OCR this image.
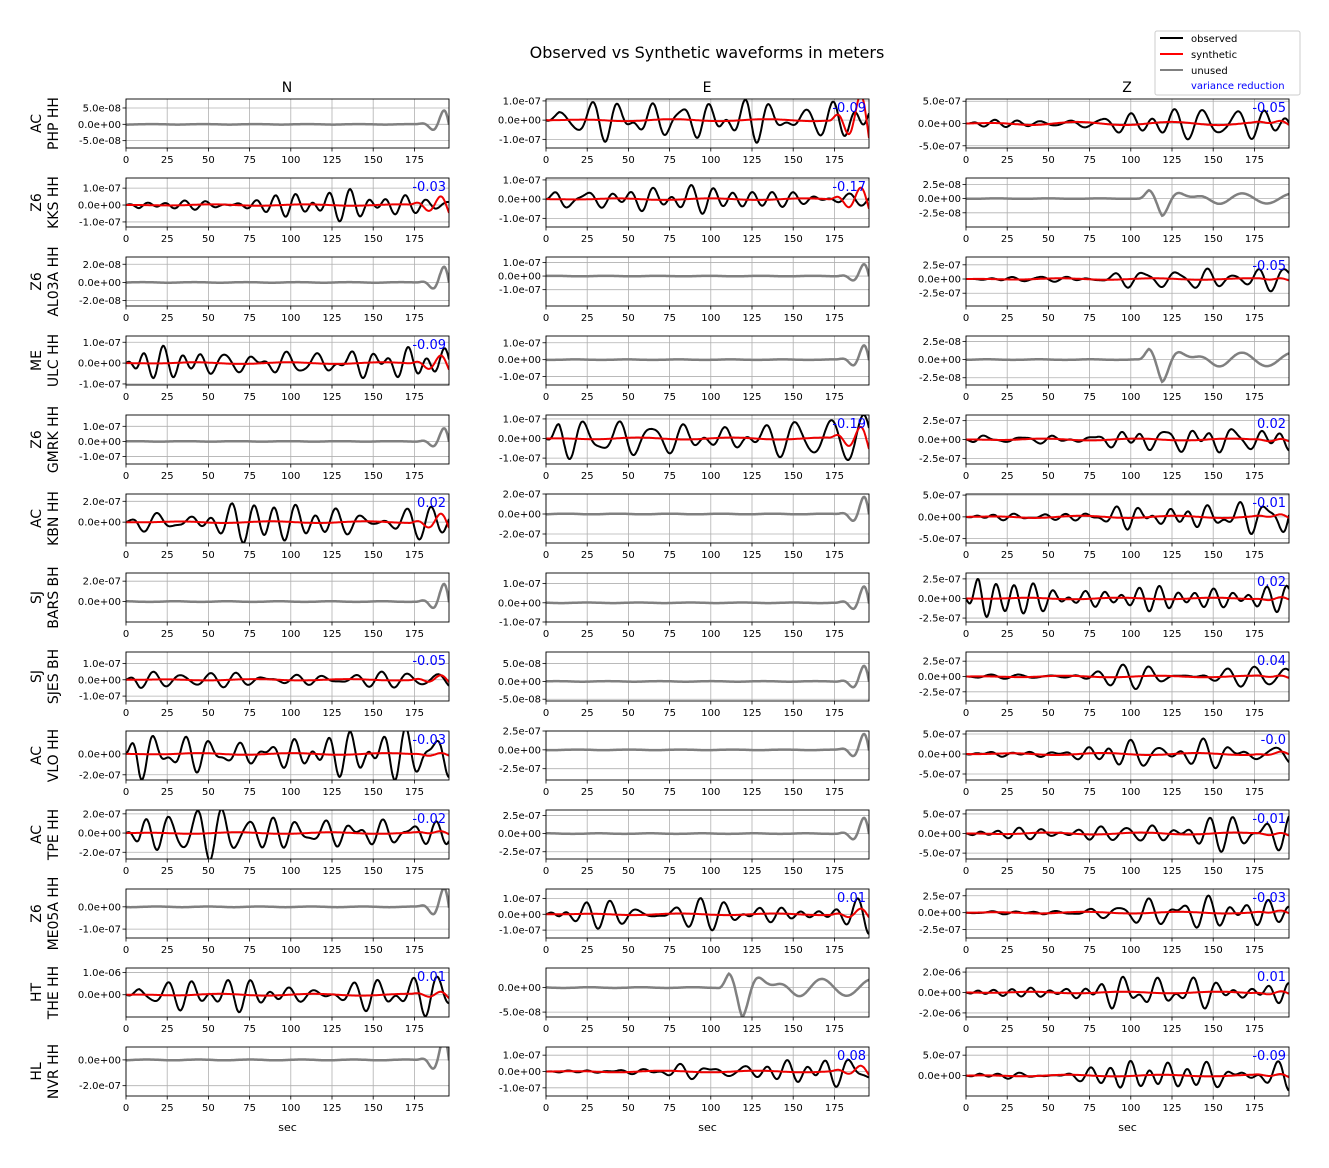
Observed vs Synthetic waveforms in meters
N	E	Z
observed
synthetic
unused
variance reduction
AC PHP HH
0	25	50	75	100 125 150 175
5.0e-08
0.0e+00
-5.0e-08
0	25	50	75	100 125 150 175
1.0e-07
0.0e+00
-1.0e-07
-0.09
0	25	50	75	100 125 150 175
5.0e-07
0.0e+00
-5.0e-07
-0.05
Z6 KKS HH
0	25	50	75	100 125 150 175
1.0e-07
0.0e+00
-1.0e-07
-0.03
0	25	50	75	100 125 150 175
1.0e-07
0.0e+00
-1.0e-07
-0.17
0	25	50	75	100 125 150 175
2.5e-08
0.0e+00
-2.5e-08
Z6 AL03A HH
0	25	50	75	100 125 150 175
2.0e-08
0.0e+00
-2.0e-08
0	25	50	75	100 125 150 175
1.0e-07
0.0e+00
-1.0e-07
0	25	50	75	100 125 150 175
2.5e-07
0.0e+00
-2.5e-07
-0.05
ME ULC HH
0	25	50	75	100 125 150 175
1.0e-07
0.0e+00
-1.0e-07
-0.09
0	25	50	75	100 125 150 175
1.0e-07
0.0e+00
-1.0e-07
0	25	50	75	100 125 150 175
2.5e-08
0.0e+00
-2.5e-08
Z6 GMRK HH
0	25	50	75	100 125 150 175
1.0e-07
0.0e+00
-1.0e-07
0	25	50	75	100 125 150 175
1.0e-07
0.0e+00
-1.0e-07
-0.19
0	25	50	75	100 125 150 175
2.5e-07
0.0e+00
-2.5e-07
0.02
AC KBN HH
0	25	50	75	100 125 150 175
2.0e-07
0.0e+00
0.02
0	25	50	75	100 125 150 175
2.0e-07
0.0e+00
-2.0e-07
0	25	50	75	100 125 150 175
5.0e-07
0.0e+00
-5.0e-07
-0.01
SJ BARS BH
0	25	50	75	100 125 150 175
2.0e-07
0.0e+00
0	25	50	75	100 125 150 175
1.0e-07
0.0e+00
-1.0e-07
0	25	50	75	100 125 150 175
2.5e-07
0.0e+00
-2.5e-07
0.02
SJ SJES BH
0	25	50	75	100 125 150 175
1.0e-07
0.0e+00
-1.0e-07
-0.05
0	25	50	75	100 125 150 175
5.0e-08
0.0e+00
-5.0e-08
0	25	50	75	100 125 150 175
2.5e-07
0.0e+00
-2.5e-07
0.04
AC VLO HH
0	25	50	75	100 125 150 175
0.0e+00
-2.0e-07
-0.03
0	25	50	75	100 125 150 175
2.5e-07
0.0e+00
-2.5e-07
0	25	50	75	100 125 150 175
5.0e-07
0.0e+00
-5.0e-07
-0.0
AC TPE HH
0	25	50	75	100 125 150 175
2.0e-07
0.0e+00
-2.0e-07
-0.02
0	25	50	75	100 125 150 175
2.5e-07
0.0e+00
-2.5e-07
0	25	50	75	100 125 150 175
5.0e-07
0.0e+00
-5.0e-07
-0.01
Z6 ME05A HH
0	25	50	75	100 125 150 175
0.0e+00
-1.0e-07
0	25	50	75	100 125 150 175
1.0e-07
0.0e+00
-1.0e-07
0.01
0	25	50	75	100 125 150 175
2.5e-07
0.0e+00
-2.5e-07
-0.03
HT THE HH
0	25	50	75	100 125 150 175
1.0e-06
0.0e+00
0.01
0	25	50	75	100 125 150 175
0.0e+00
-5.0e-08
0	25	50	75	100 125 150 175
2.0e-06
0.0e+00
-2.0e-06
0.01
HL NVR HH
0	25	50	75	100 125 150 175
0.0e+00
-2.0e-07
sec
0	25	50	75	100 125 150 175
1.0e-07
0.0e+00
-1.0e-07
0.08
sec
0	25	50	75	100 125 150 175
5.0e-07
0.0e+00
-0.09
sec
